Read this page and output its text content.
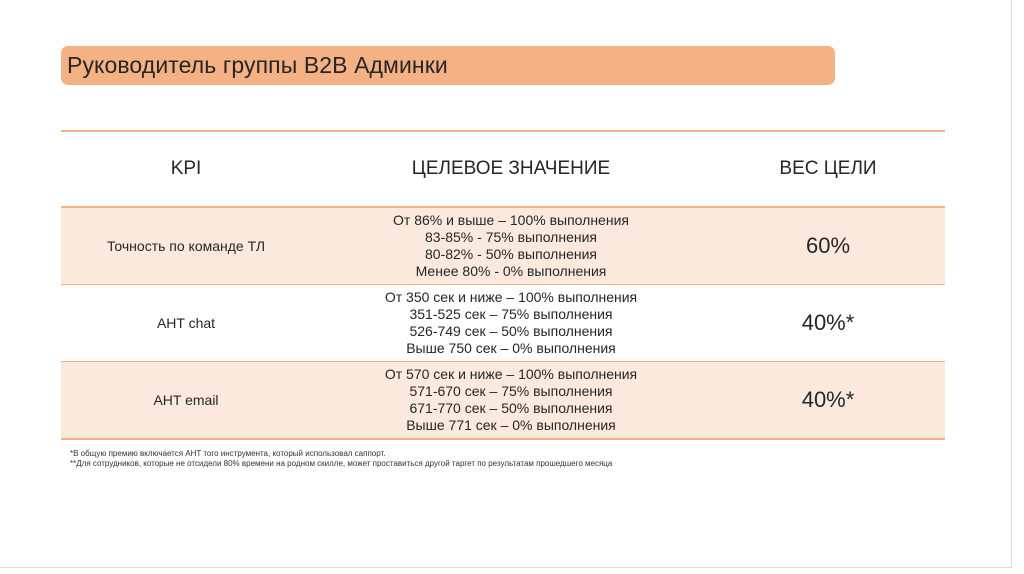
Руководитель группы B2B Админки
KPI	ЦЕЛЕВОЕ ЗНАЧЕНИЕ	ВЕС ЦЕЛИ
Точность по команде ТЛ
От 86% и выше – 100% выполнения
83-85% - 75% выполнения
80-82% - 50% выполнения
Менее 80% - 0% выполнения
60%
AHT chat
От 350 сек и ниже – 100% выполнения
351-525 сек – 75% выполнения
526-749 сек – 50% выполнения
Выше 750 сек – 0% выполнения
40%*
AHT email
От 570 сек и ниже – 100% выполнения
571-670 сек – 75% выполнения
671-770 сек – 50% выполнения
Выше 771 сек – 0% выполнения
40%*
*В общую премию включается AHT того инструмента, который использовал саппорт.
**Для сотрудников, которые не отсидели 80% времени на родном скилле, может проставиться другой таргет по результатам прошедшего месяца
